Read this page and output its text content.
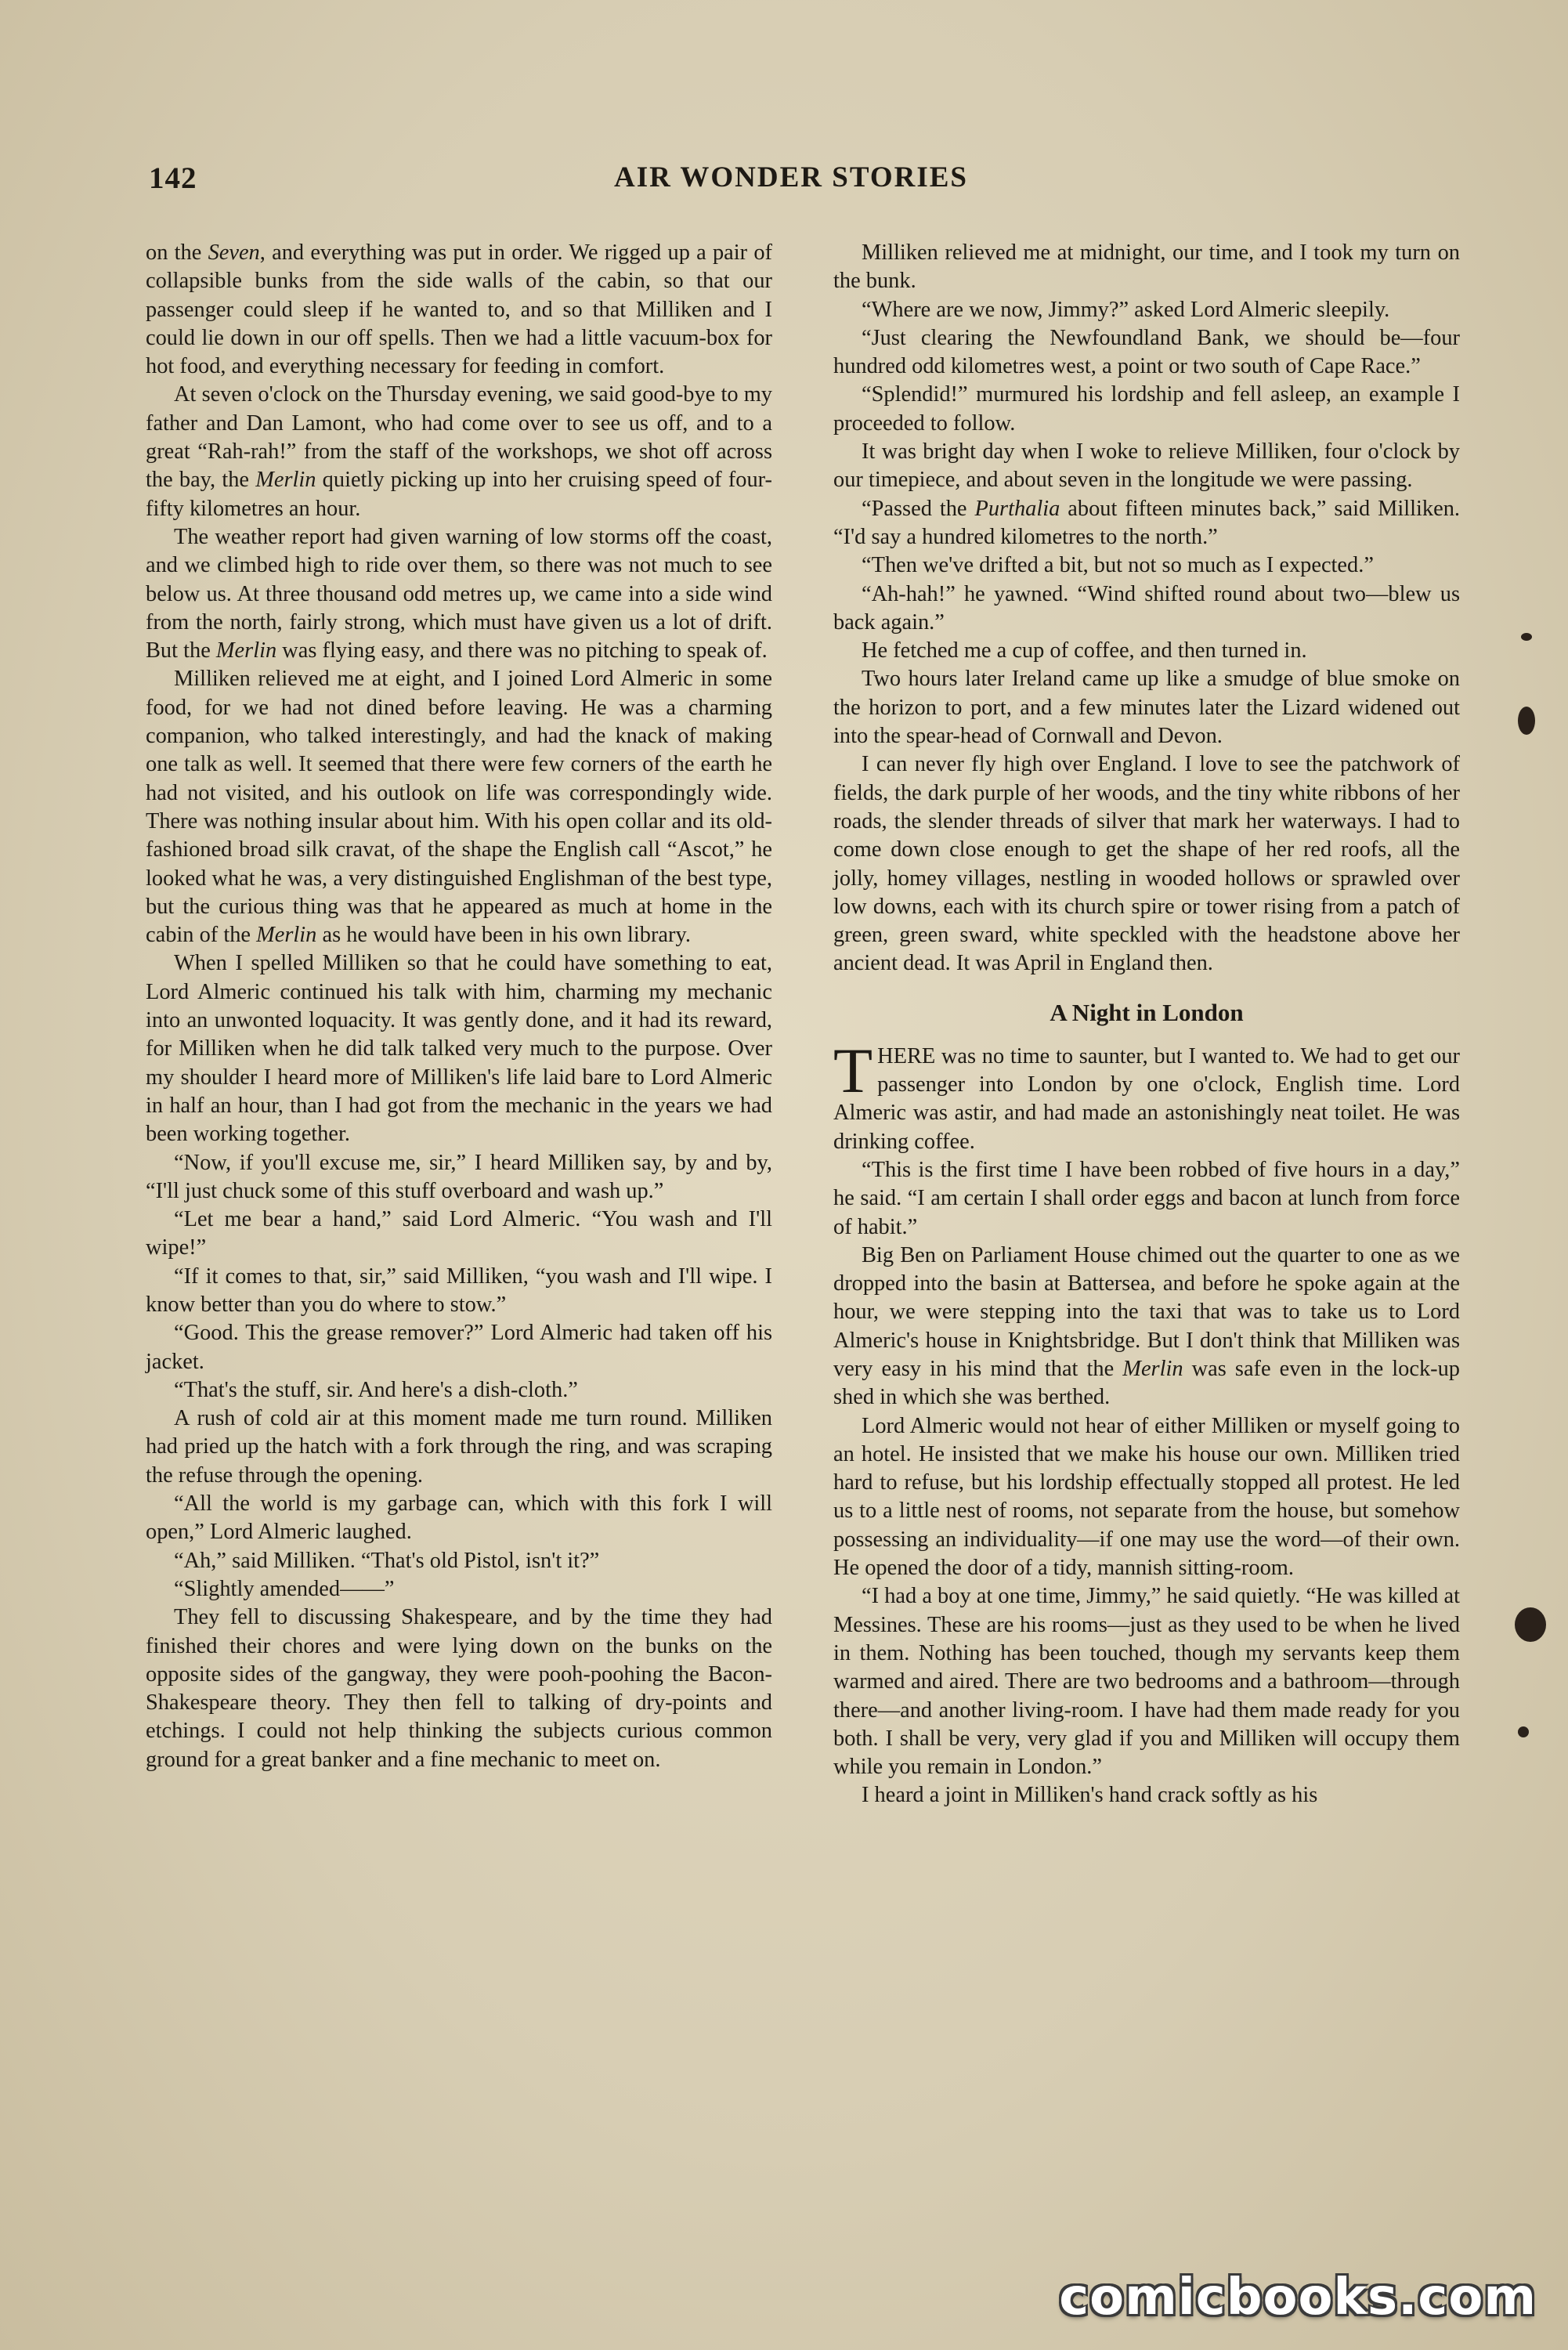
142	AIR WONDER STORIES

on the Seven, and everything was put in order. We rigged up a pair of collapsible bunks from the side walls of the cabin, so that our passenger could sleep if he wanted to, and so that Milliken and I could lie down in our off spells. Then we had a little vacuum-box for hot food, and everything necessary for feeding in comfort.

At seven o'clock on the Thursday evening, we said good-bye to my father and Dan Lamont, who had come over to see us off, and to a great “Rah-rah!” from the staff of the workshops, we shot off across the bay, the Merlin quietly picking up into her cruising speed of four-fifty kilometres an hour.

The weather report had given warning of low storms off the coast, and we climbed high to ride over them, so there was not much to see below us. At three thousand odd metres up, we came into a side wind from the north, fairly strong, which must have given us a lot of drift. But the Merlin was flying easy, and there was no pitching to speak of.

Milliken relieved me at eight, and I joined Lord Almeric in some food, for we had not dined before leaving. He was a charming companion, who talked interestingly, and had the knack of making one talk as well. It seemed that there were few corners of the earth he had not visited, and his outlook on life was correspondingly wide. There was nothing insular about him. With his open collar and its old-fashioned broad silk cravat, of the shape the English call “Ascot,” he looked what he was, a very distinguished Englishman of the best type, but the curious thing was that he appeared as much at home in the cabin of the Merlin as he would have been in his own library.

When I spelled Milliken so that he could have something to eat, Lord Almeric continued his talk with him, charming my mechanic into an unwonted loquacity. It was gently done, and it had its reward, for Milliken when he did talk talked very much to the purpose. Over my shoulder I heard more of Milliken's life laid bare to Lord Almeric in half an hour, than I had got from the mechanic in the years we had been working together.

“Now, if you'll excuse me, sir,” I heard Milliken say, by and by, “I'll just chuck some of this stuff overboard and wash up.”

“Let me bear a hand,” said Lord Almeric. “You wash and I'll wipe!”

“If it comes to that, sir,” said Milliken, “you wash and I'll wipe. I know better than you do where to stow.”

“Good. This the grease remover?” Lord Almeric had taken off his jacket.

“That's the stuff, sir. And here's a dish-cloth.”

A rush of cold air at this moment made me turn round. Milliken had pried up the hatch with a fork through the ring, and was scraping the refuse through the opening.

“All the world is my garbage can, which with this fork I will open,” Lord Almeric laughed.

“Ah,” said Milliken. “That's old Pistol, isn't it?”

“Slightly amended——”

They fell to discussing Shakespeare, and by the time they had finished their chores and were lying down on the bunks on the opposite sides of the gangway, they were pooh-poohing the Bacon-Shakespeare theory. They then fell to talking of dry-points and etchings. I could not help thinking the subjects curious common ground for a great banker and a fine mechanic to meet on.

Milliken relieved me at midnight, our time, and I took my turn on the bunk.

“Where are we now, Jimmy?” asked Lord Almeric sleepily.

“Just clearing the Newfoundland Bank, we should be—four hundred odd kilometres west, a point or two south of Cape Race.”

“Splendid!” murmured his lordship and fell asleep, an example I proceeded to follow.

It was bright day when I woke to relieve Milliken, four o'clock by our timepiece, and about seven in the longitude we were passing.

“Passed the Purthalia about fifteen minutes back,” said Milliken. “I'd say a hundred kilometres to the north.”

“Then we've drifted a bit, but not so much as I expected.”

“Ah-hah!” he yawned. “Wind shifted round about two—blew us back again.”

He fetched me a cup of coffee, and then turned in.

Two hours later Ireland came up like a smudge of blue smoke on the horizon to port, and a few minutes later the Lizard widened out into the spear-head of Cornwall and Devon.

I can never fly high over England. I love to see the patchwork of fields, the dark purple of her woods, and the tiny white ribbons of her roads, the slender threads of silver that mark her waterways. I had to come down close enough to get the shape of her red roofs, all the jolly, homey villages, nestling in wooded hollows or sprawled over low downs, each with its church spire or tower rising from a patch of green, green sward, white speckled with the headstone above her ancient dead. It was April in England then.

A Night in London

THERE was no time to saunter, but I wanted to. We had to get our passenger into London by one o'clock, English time. Lord Almeric was astir, and had made an astonishingly neat toilet. He was drinking coffee.

“This is the first time I have been robbed of five hours in a day,” he said. “I am certain I shall order eggs and bacon at lunch from force of habit.”

Big Ben on Parliament House chimed out the quarter to one as we dropped into the basin at Battersea, and before he spoke again at the hour, we were stepping into the taxi that was to take us to Lord Almeric's house in Knightsbridge. But I don't think that Milliken was very easy in his mind that the Merlin was safe even in the lock-up shed in which she was berthed.

Lord Almeric would not hear of either Milliken or myself going to an hotel. He insisted that we make his house our own. Milliken tried hard to refuse, but his lordship effectually stopped all protest. He led us to a little nest of rooms, not separate from the house, but somehow possessing an individuality—if one may use the word—of their own. He opened the door of a tidy, mannish sitting-room.

“I had a boy at one time, Jimmy,” he said quietly. “He was killed at Messines. These are his rooms—just as they used to be when he lived in them. Nothing has been touched, though my servants keep them warmed and aired. There are two bedrooms and a bathroom—through there—and another living-room. I have had them made ready for you both. I shall be very, very glad if you and Milliken will occupy them while you remain in London.”

I heard a joint in Milliken's hand crack softly as his

comicbooks.com
